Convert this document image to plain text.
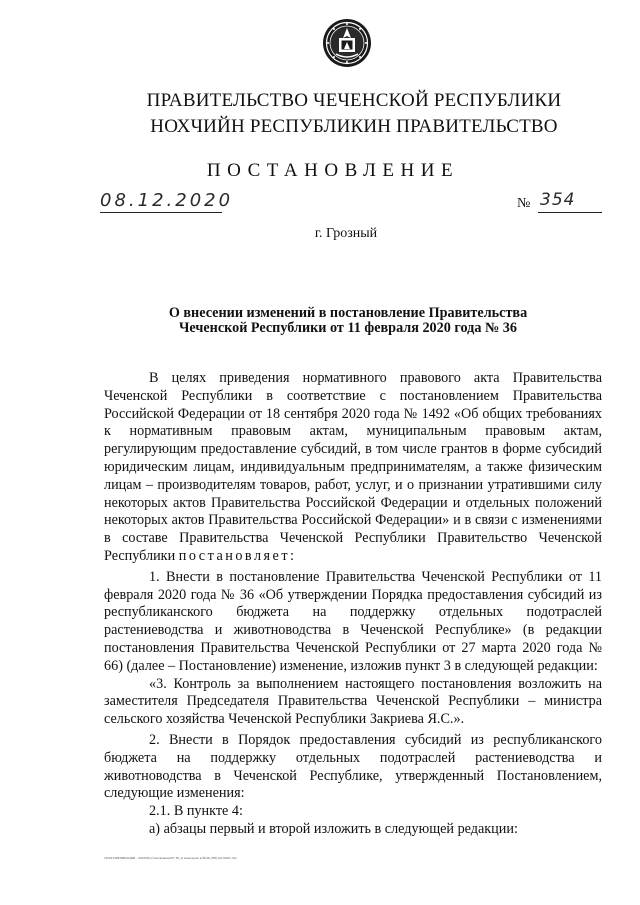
ПРАВИТЕЛЬСТВО ЧЕЧЕНСКОЙ РЕСПУБЛИКИ
НОХЧИЙН РЕСПУБЛИКИН ПРАВИТЕЛЬСТВО
ПОСТАНОВЛЕНИЕ
08.12.2020	№ 354
г. Грозный
О внесении изменений в постановление Правительства
Чеченской Республики от 11 февраля 2020 года № 36

В целях приведения нормативного правового акта Правительства Чеченской Республики в соответствие с постановлением Правительства Российской Федерации от 18 сентября 2020 года № 1492 «Об общих требованиях к нормативным правовым актам, муниципальным правовым актам, регулирующим предоставление субсидий, в том числе грантов в форме субсидий юридическим лицам, индивидуальным предпринимателям, а также физическим лицам – производителям товаров, работ, услуг, и о признании утратившими силу некоторых актов Правительства Российской Федерации и отдельных положений некоторых актов Правительства Российской Федерации» и в связи с изменениями в составе Правительства Чеченской Республики Правительство Чеченской Республики постановляет:

1. Внести в постановление Правительства Чеченской Республики от 11 февраля 2020 года № 36 «Об утверждении Порядка предоставления субсидий из республиканского бюджета на поддержку отдельных подотраслей растениеводства и животноводства в Чеченской Республике» (в редакции постановления Правительства Чеченской Республики от 27 марта 2020 года № 66) (далее – Постановление) изменение, изложив пункт 3 в следующей редакции:

«3. Контроль за выполнением настоящего постановления возложить на заместителя Председателя Правительства Чеченской Республики – министра сельского хозяйства Чеченской Республики Закриева Я.С.».

2. Внести в Порядок предоставления субсидий из республиканского бюджета на поддержку отдельных подотраслей растениеводства и животноводства в Чеченской Республике, утвержденный Постановлением, следующие изменения:

2.1. В пункте 4:

а) абзацы первый и второй изложить в следующей редакции:

\\fs01\ПУБЛИКАЦИИ - 2020\Постановления\П 35_О внесении в №36 (ПП)-02.0001.doc
